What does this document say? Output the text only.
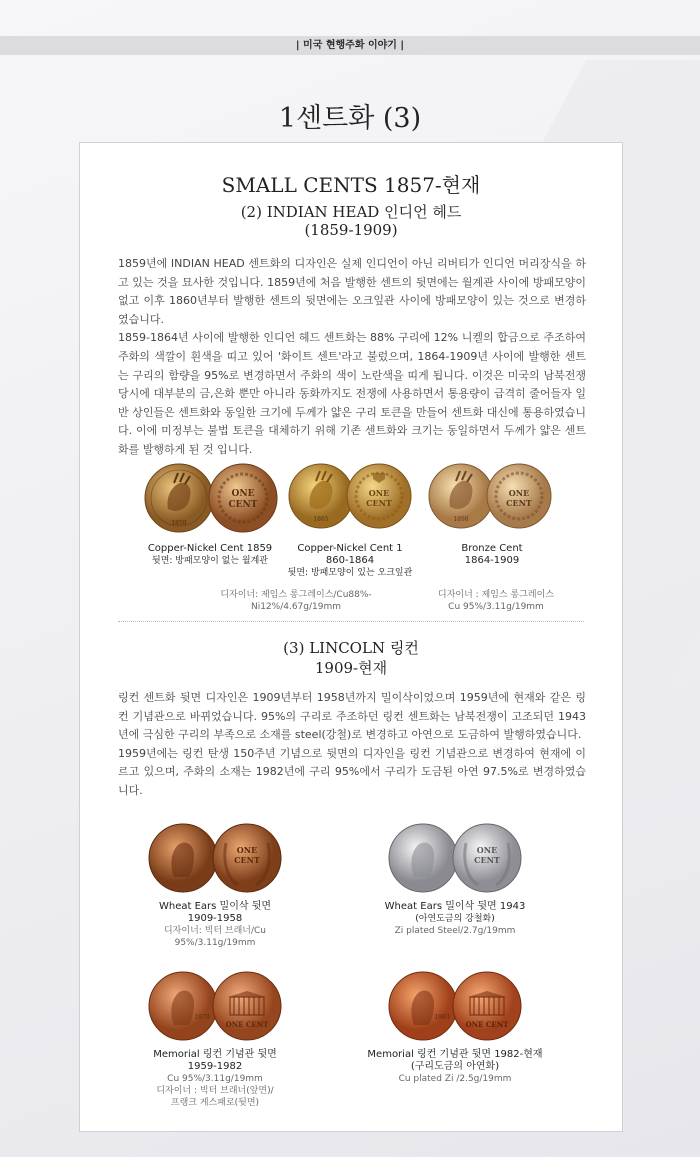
| 미국 현행주화 이야기 |
1센트화 (3)
SMALL CENTS 1857-현재
(2) INDIAN HEAD 인디언 헤드
(1859-1909)

1859년에 INDIAN HEAD 센트화의 디자인은 실제 인디언이 아닌 리버티가 인디언 머리장식을 하고 있는 것을 묘사한 것입니다. 1859년에 처음 발행한 센트의 뒷면에는 월계관 사이에 방패모양이 없고 이후 1860년부터 발행한 센트의 뒷면에는 오크잎관 사이에 방패모양이 있는 것으로 변경하였습니다.
1859-1864년 사이에 발행한 인디언 헤드 센트화는 88% 구리에 12% 니켈의 합금으로 주조하여 주화의 색깔이 흰색을 띠고 있어 '화이트 센트'라고 불렀으며, 1864-1909년 사이에 발행한 센트는 구리의 함량을 95%로 변경하면서 주화의 색이 노란색을 띠게 됩니다. 이것은 미국의 남북전쟁 당시에 대부분의 금,은화 뿐만 아니라 동화까지도 전쟁에 사용하면서 통용량이 급격히 줄어들자 일반 상인들은 센트화와 동일한 크기에 두께가 얇은 구리 토큰을 만들어 센트화 대신에 통용하였습니다. 이에 미정부는 불법 토큰을 대체하기 위해 기존 센트화와 크기는 동일하면서 두께가 얇은 센트화를 발행하게 된 것 입니다.

1859
ONE
CENT
1865
ONE
CENT
1898
ONE
CENT
Copper-Nickel Cent 1859
뒷면: 방패모양이 없는 월계관
Copper-Nickel Cent 1
860-1864
뒷면: 방패모양이 있는 오크잎관
Bronze Cent
1864-1909
디자이너: 제임스 롱그레이스/Cu88%-Ni12%/4.67g/19mm
디자이너 : 제임스 롱그레이스
Cu 95%/3.11g/19mm
(3) LINCOLN 링컨
1909-현재

링컨 센트화 뒷면 디자인은 1909년부터 1958년까지 밀이삭이었으며 1959년에 현재와 같은 링컨 기념관으로 바뀌었습니다. 95%의 구리로 주조하던 링컨 센트화는 남북전쟁이 고조되던 1943년에 극심한 구리의 부족으로 소재를 steel(강철)로 변경하고 아연으로 도금하여 발행하였습니다.
1959년에는 링컨 탄생 150주년 기념으로 뒷면의 디자인을 링컨 기념관으로 변경하여 현재에 이르고 있으며, 주화의 소재는 1982년에 구리 95%에서 구리가 도금된 아연 97.5%로 변경하였습니다.

ONE
CENT
ONE
CENT
Wheat Ears 밀이삭 뒷면
1909-1958
디자이너: 빅터 브래너/Cu
95%/3.11g/19mm
Wheat Ears 밀이삭 뒷면 1943
(아연도금의 강철화)
Zi plated Steel/2.7g/19mm
1970
ONE CENT
1993
ONE CENT
Memorial 링컨 기념관 뒷면
1959-1982
Cu 95%/3.11g/19mm
디자이너 : 빅터 브래너(앞면)/
프랭크 게스패로(뒷면)
Memorial 링컨 기념관 뒷면 1982-현재
(구리도금의 아연화)
Cu plated Zi /2.5g/19mm
